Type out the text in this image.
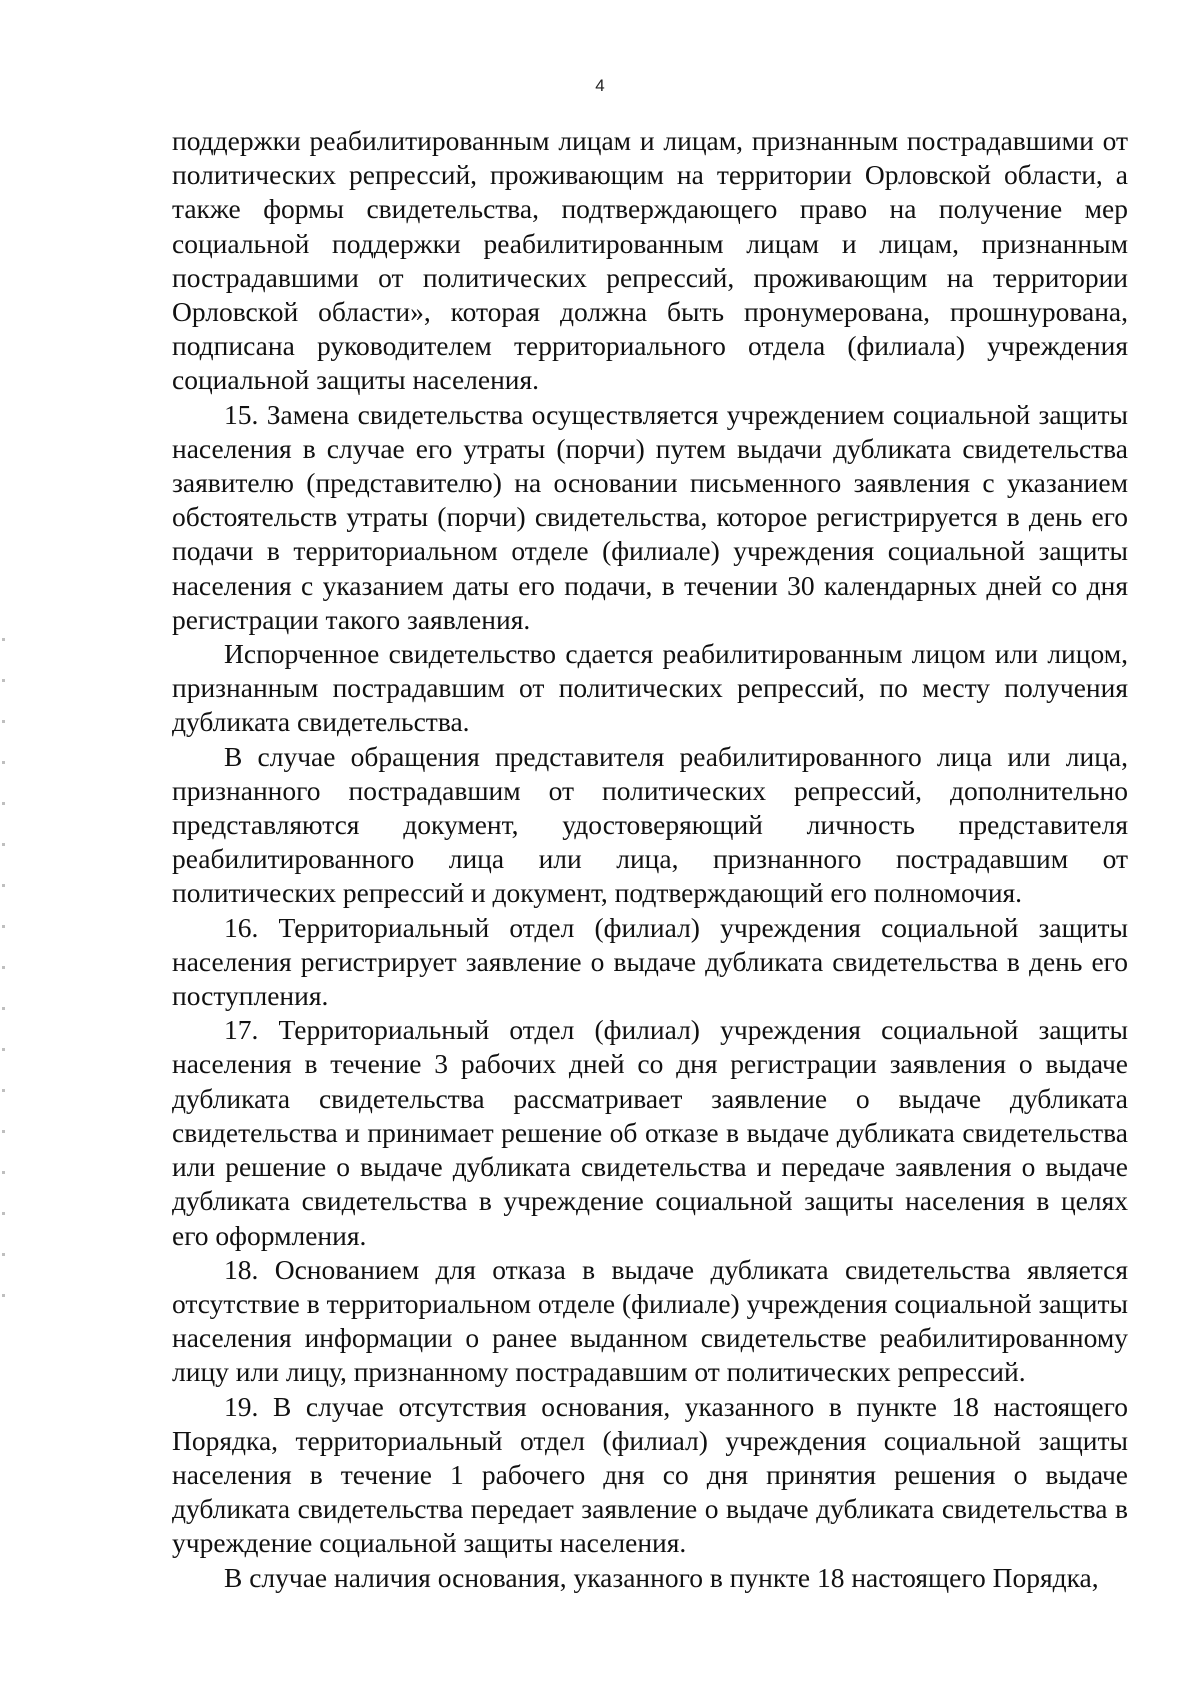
4

поддержки реабилитированным лицам и лицам, признанным пострадавшими от политических репрессий, проживающим на территории Орловской области, а также формы свидетельства, подтверждающего право на получение мер социальной поддержки реабилитированным лицам и лицам, признанным пострадавшими от политических репрессий, проживающим на территории Орловской области», которая должна быть пронумерована, прошнурована, подписана руководителем территориального отдела (филиала) учреждения социальной защиты населения.

15. Замена свидетельства осуществляется учреждением социальной защиты населения в случае его утраты (порчи) путем выдачи дубликата свидетельства заявителю (представителю) на основании письменного заявления с указанием обстоятельств утраты (порчи) свидетельства, которое регистрируется в день его подачи в территориальном отделе (филиале) учреждения социальной защиты населения с указанием даты его подачи, в течении 30 календарных дней со дня регистрации такого заявления.

Испорченное свидетельство сдается реабилитированным лицом или лицом, признанным пострадавшим от политических репрессий, по месту получения дубликата свидетельства.

В случае обращения представителя реабилитированного лица или лица, признанного пострадавшим от политических репрессий, дополнительно представляются документ, удостоверяющий личность представителя реабилитированного лица или лица, признанного пострадавшим от политических репрессий и документ, подтверждающий его полномочия.

16. Территориальный отдел (филиал) учреждения социальной защиты населения регистрирует заявление о выдаче дубликата свидетельства в день его поступления.

17. Территориальный отдел (филиал) учреждения социальной защиты населения в течение 3 рабочих дней со дня регистрации заявления о выдаче дубликата свидетельства рассматривает заявление о выдаче дубликата свидетельства и принимает решение об отказе в выдаче дубликата свидетельства или решение о выдаче дубликата свидетельства и передаче заявления о выдаче дубликата свидетельства в учреждение социальной защиты населения в целях его оформления.

18. Основанием для отказа в выдаче дубликата свидетельства является отсутствие в территориальном отделе (филиале) учреждения социальной защиты населения информации о ранее выданном свидетельстве реабилитированному лицу или лицу, признанному пострадавшим от политических репрессий.

19. В случае отсутствия основания, указанного в пункте 18 настоящего Порядка, территориальный отдел (филиал) учреждения социальной защиты населения в течение 1 рабочего дня со дня принятия решения о выдаче дубликата свидетельства передает заявление о выдаче дубликата свидетельства в учреждение социальной защиты населения.

В случае наличия основания, указанного в пункте 18 настоящего Порядка,
